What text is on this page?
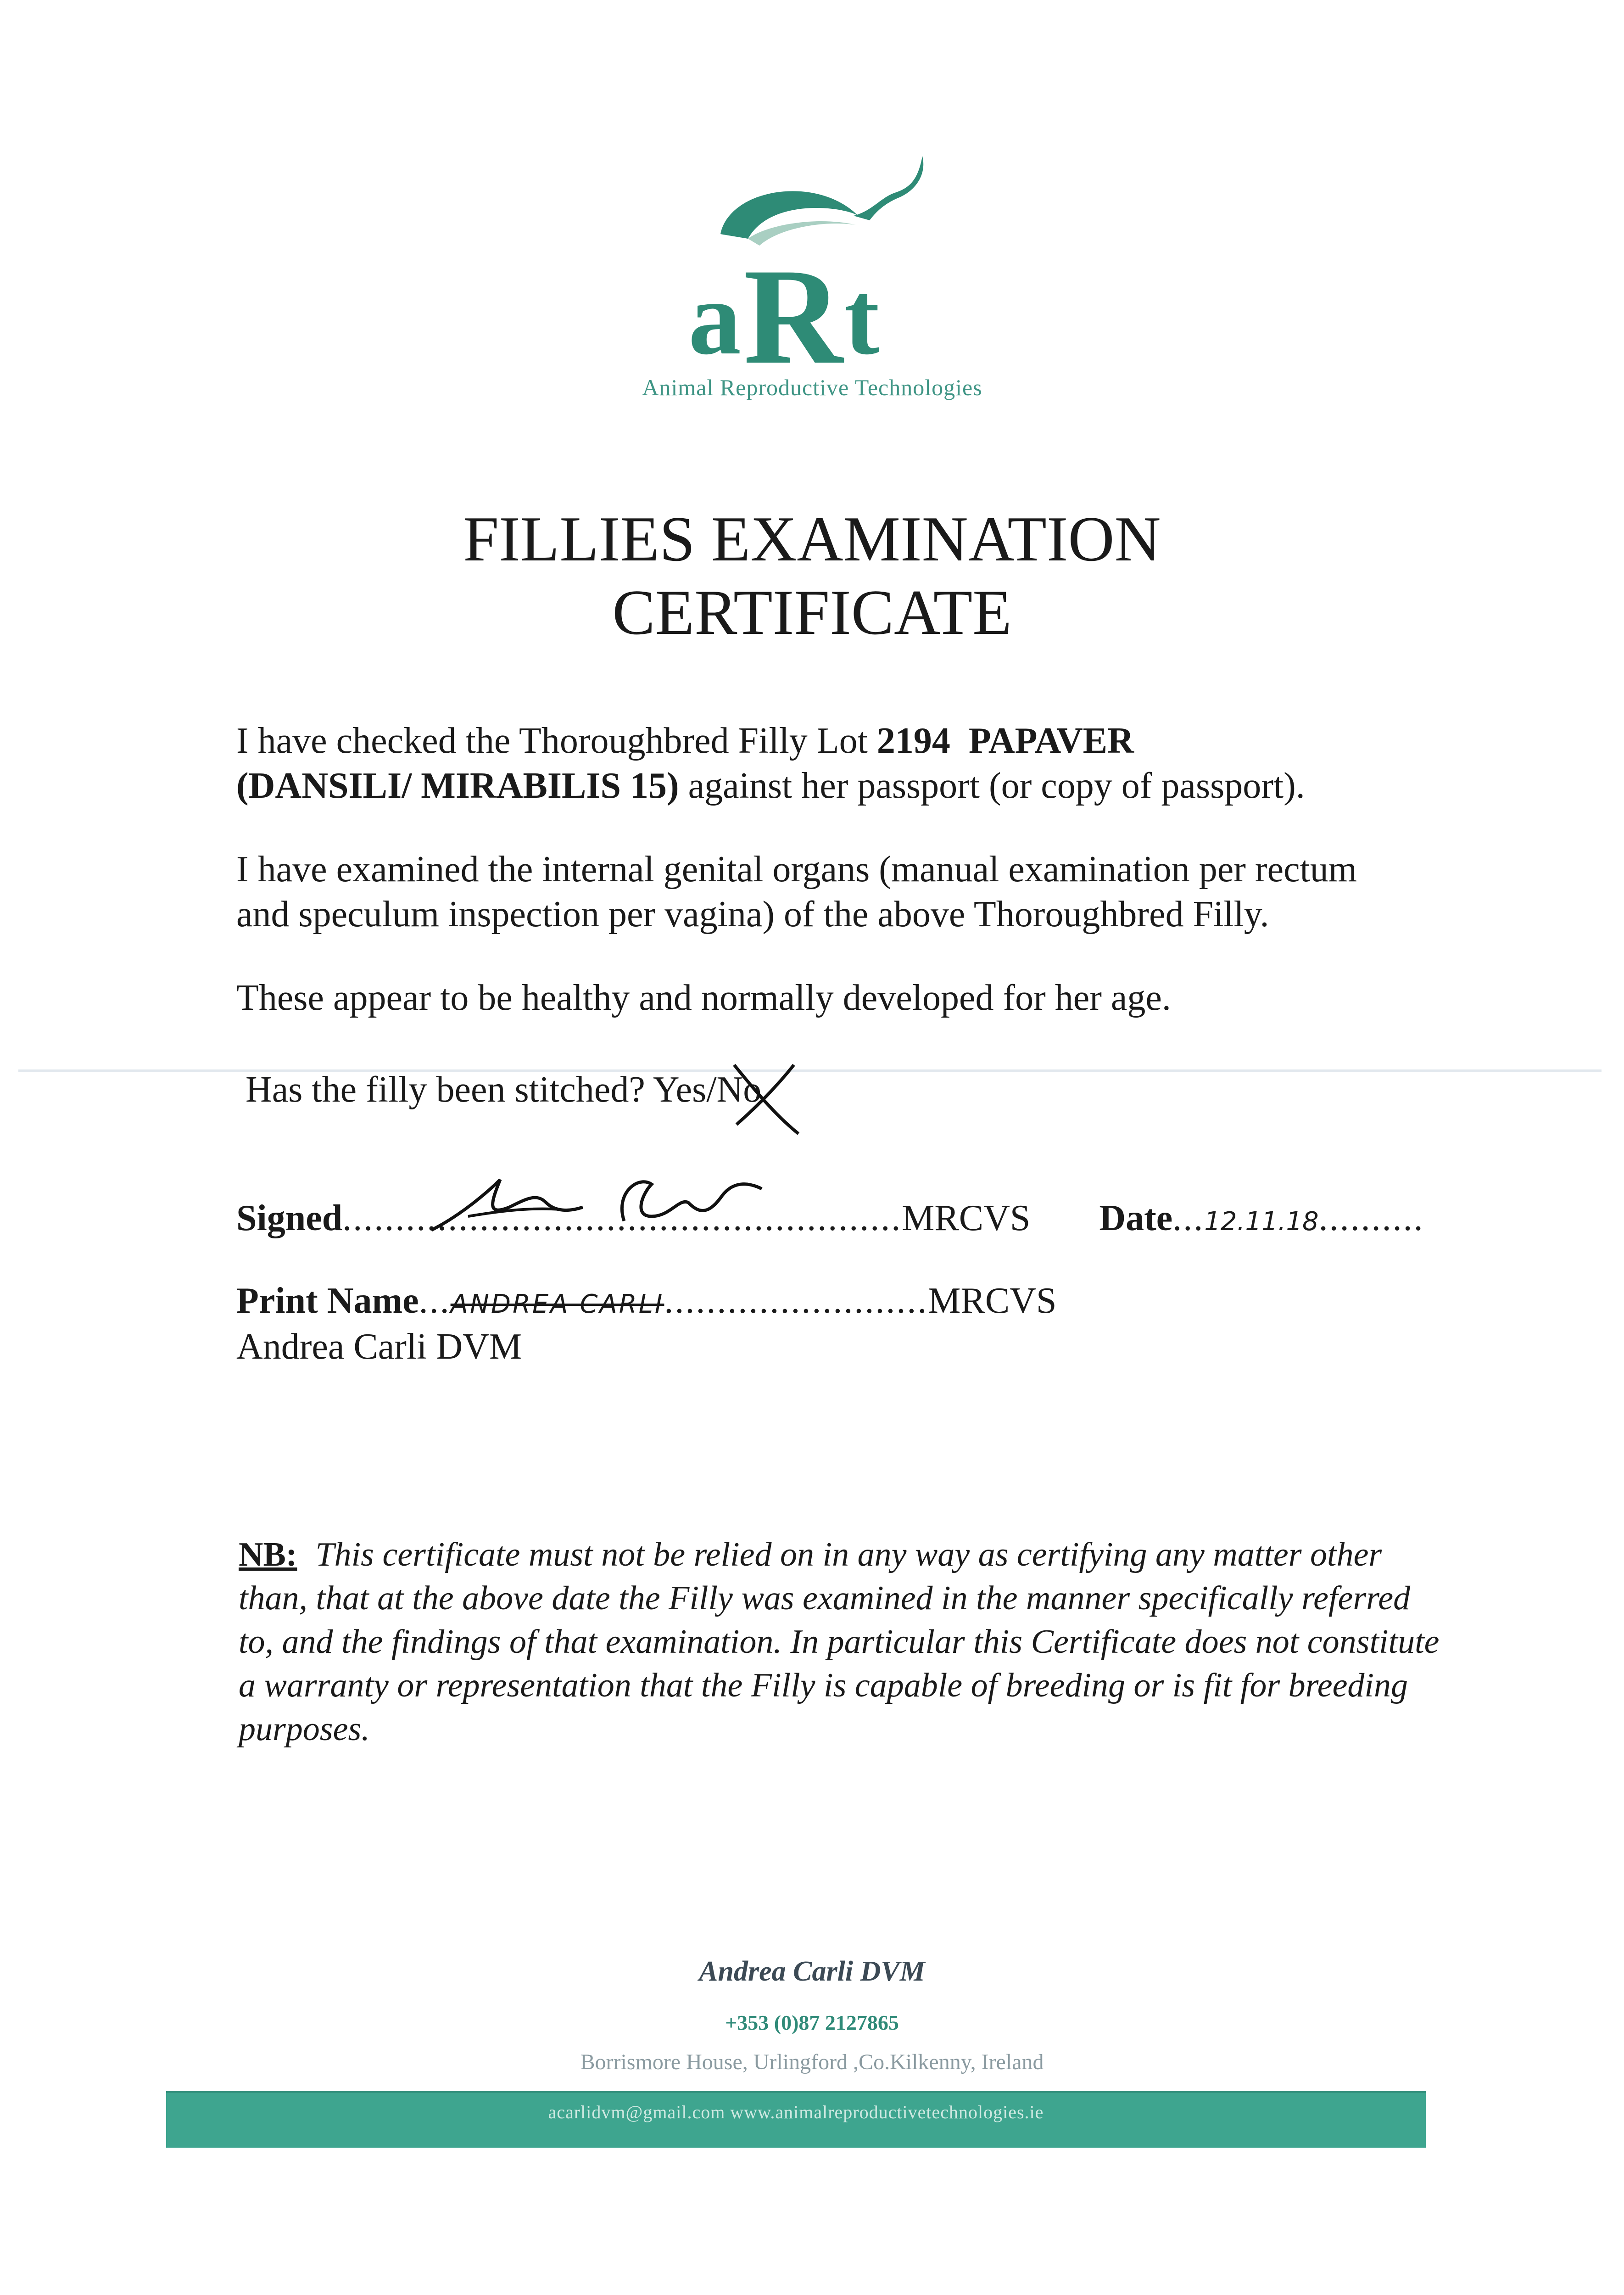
a R t
Animal Reproductive Technologies
FILLIES EXAMINATION
CERTIFICATE
I have checked the Thoroughbred Filly Lot 2194 PAPAVER
(DANSILI/ MIRABILIS 15) against her passport (or copy of passport).
I have examined the internal genital organs (manual examination per rectum and speculum inspection per vagina) of the above Thoroughbred Filly.
These appear to be healthy and normally developed for her age.
Has the filly been stitched? Yes/No
Signed.....................................................MRCVS Date...12.11.18..........
Print Name...ANDREA CARLI.........................MRCVS
Andrea Carli DVM
NB: This certificate must not be relied on in any way as certifying any matter other than, that at the above date the Filly was examined in the manner specifically referred to, and the findings of that examination. In particular this Certificate does not constitute a warranty or representation that the Filly is capable of breeding or is fit for breeding purposes.
Andrea Carli DVM
+353 (0)87 2127865
Borrismore House, Urlingford ,Co.Kilkenny, Ireland
acarlidvm@gmail.com www.animalreproductivetechnologies.ie
